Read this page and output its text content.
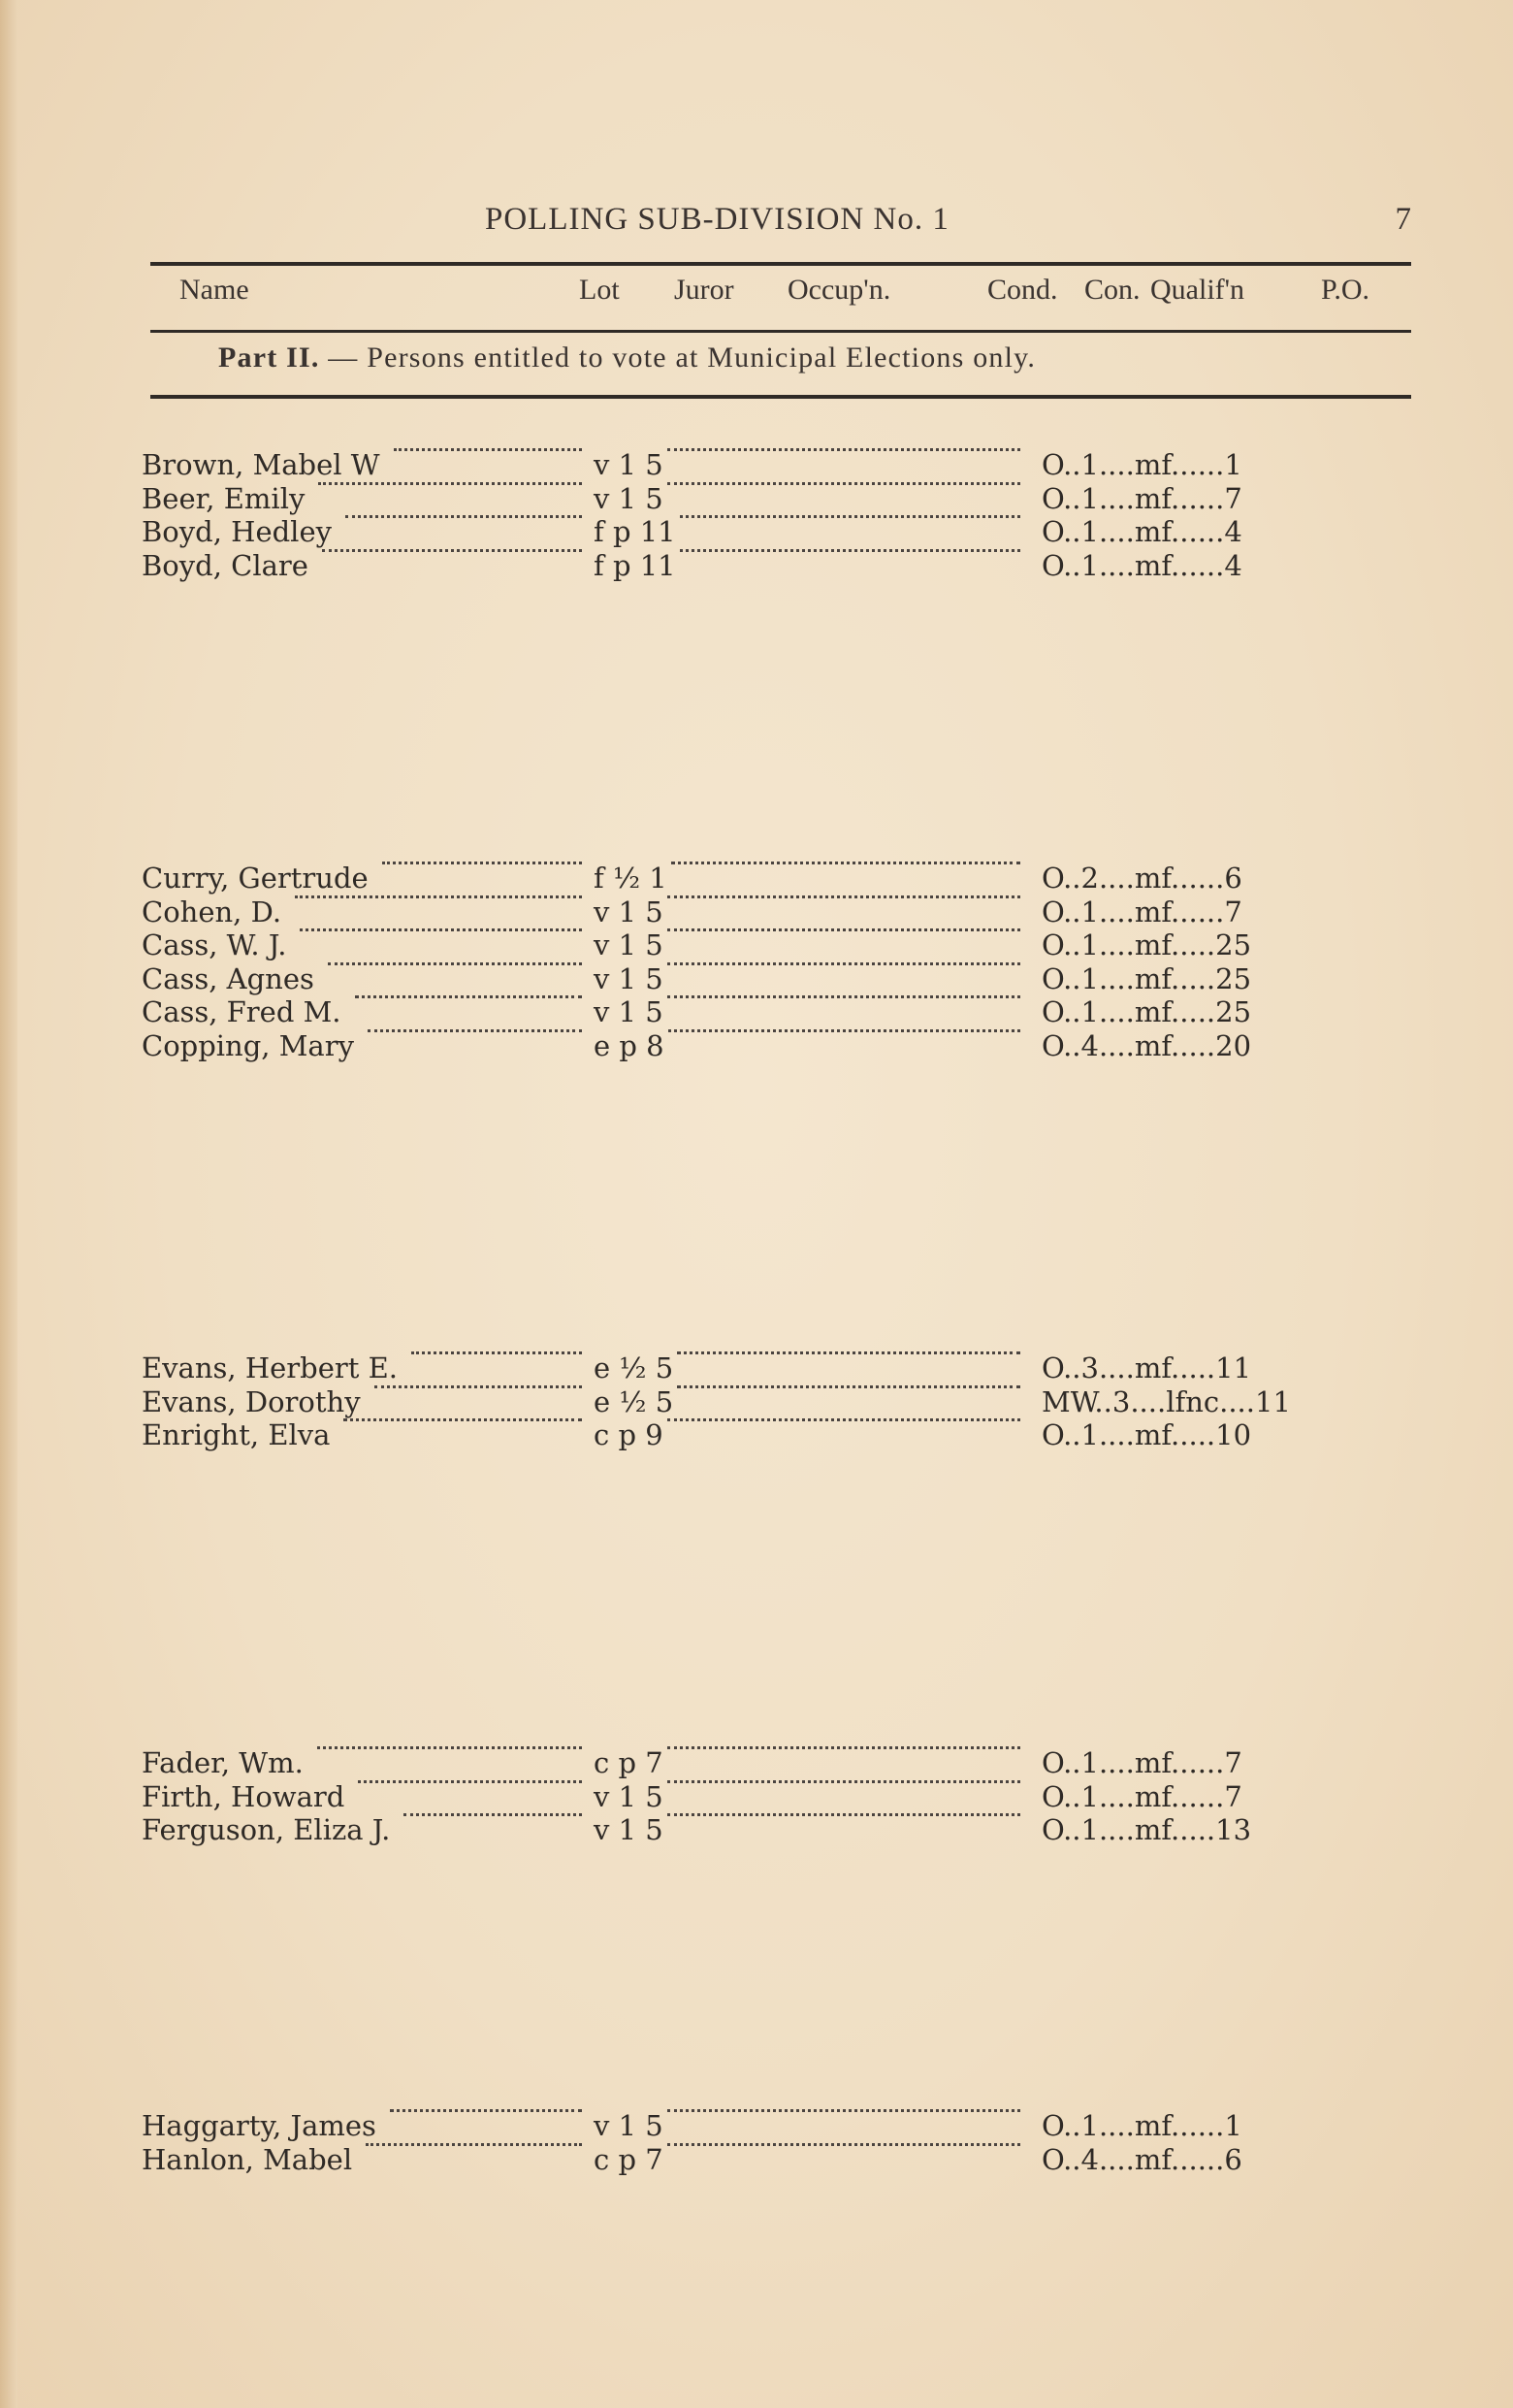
POLLING SUB-DIVISION No. 1	7
Name	Lot Juror Occup'n.	Cond. Con. Qualif'n	P.O.
Part II. — Persons entitled to vote at Municipal Elections only.
Brown, Mabel W	v 1 5	O..1....mf......1
Beer, Emily	v 1 5	O..1....mf......7
Boyd, Hedley	f p 11	O..1....mf......4
Boyd, Clare	f p 11	O..1....mf......4
Curry, Gertrude	f ½ 1	O..2....mf......6
Cohen, D.	v 1 5	O..1....mf......7
Cass, W. J.	v 1 5	O..1....mf.....25
Cass, Agnes	v 1 5	O..1....mf.....25
Cass, Fred M.	v 1 5	O..1....mf.....25
Copping, Mary	e p 8	O..4....mf.....20
Evans, Herbert E.	e ½ 5	O..3....mf.....11
Evans, Dorothy	e ½ 5	MW..3....lfnc....11
Enright, Elva	c p 9	O..1....mf.....10
Fader, Wm.	c p 7	O..1....mf......7
Firth, Howard	v 1 5	O..1....mf......7
Ferguson, Eliza J.	v 1 5	O..1....mf.....13
Haggarty, James	v 1 5	O..1....mf......1
Hanlon, Mabel	c p 7	O..4....mf......6
